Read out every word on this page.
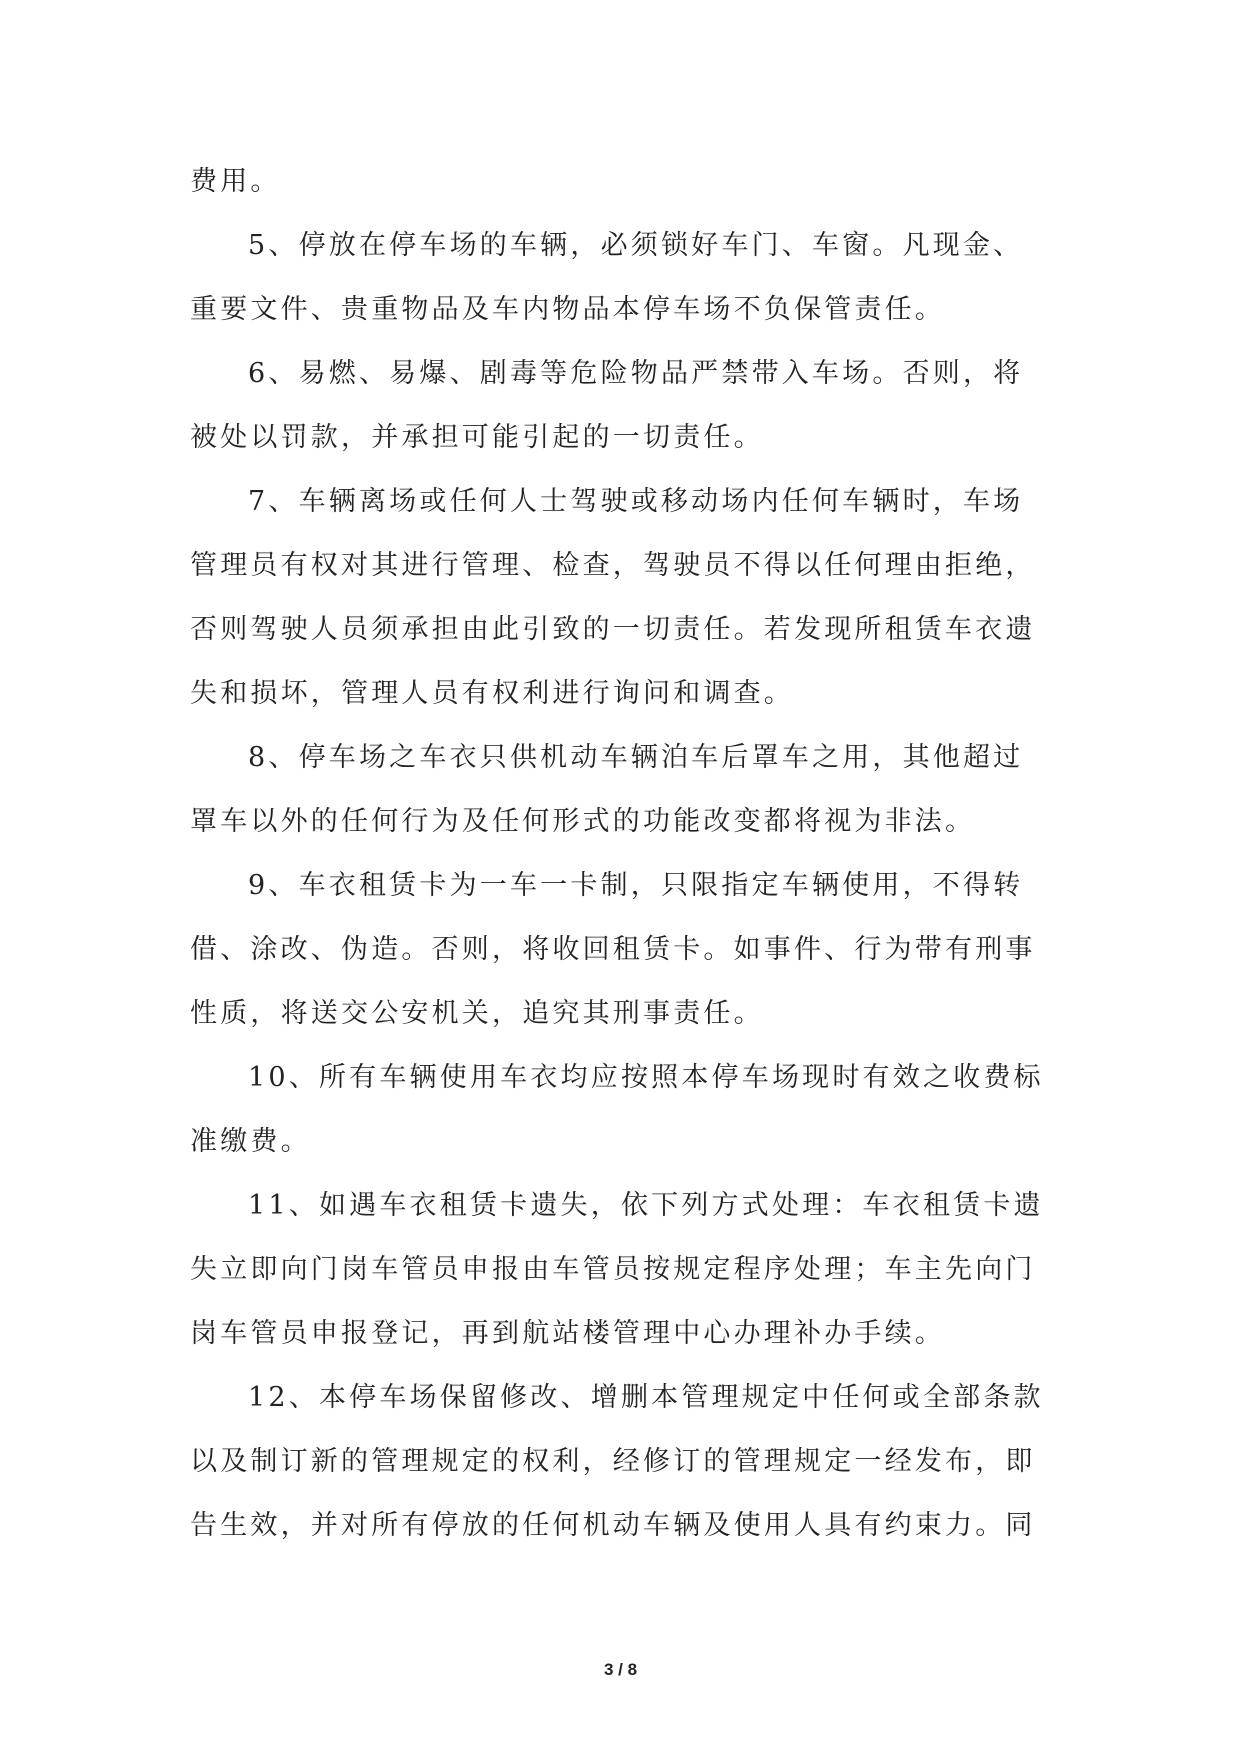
费用。
5、停放在停车场的车辆，必须锁好车门、车窗。凡现金、
重要文件、贵重物品及车内物品本停车场不负保管责任。
6、易燃、易爆、剧毒等危险物品严禁带入车场。否则，将
被处以罚款，并承担可能引起的一切责任。
7、车辆离场或任何人士驾驶或移动场内任何车辆时，车场
管理员有权对其进行管理、检查，驾驶员不得以任何理由拒绝，
否则驾驶人员须承担由此引致的一切责任。若发现所租赁车衣遗
失和损坏，管理人员有权利进行询问和调查。
8、停车场之车衣只供机动车辆泊车后罩车之用，其他超过
罩车以外的任何行为及任何形式的功能改变都将视为非法。
9、车衣租赁卡为一车一卡制，只限指定车辆使用，不得转
借、涂改、伪造。否则，将收回租赁卡。如事件、行为带有刑事
性质，将送交公安机关，追究其刑事责任。
10、所有车辆使用车衣均应按照本停车场现时有效之收费标
准缴费。
11、如遇车衣租赁卡遗失，依下列方式处理：车衣租赁卡遗
失立即向门岗车管员申报由车管员按规定程序处理；车主先向门
岗车管员申报登记，再到航站楼管理中心办理补办手续。
12、本停车场保留修改、增删本管理规定中任何或全部条款
以及制订新的管理规定的权利，经修订的管理规定一经发布，即
告生效，并对所有停放的任何机动车辆及使用人具有约束力。同
3 / 8
